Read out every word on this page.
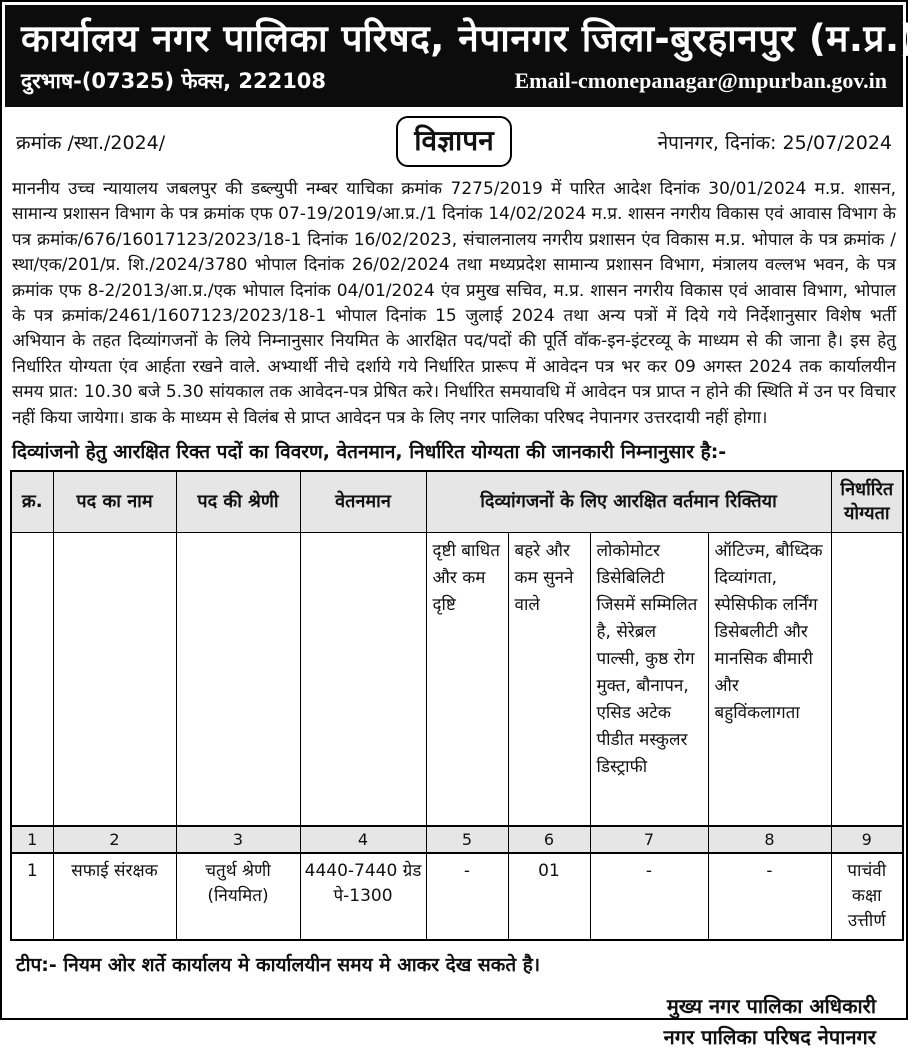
कार्यालय नगर पालिका परिषद, नेपानगर जिला-बुरहानपुर (म.प्र.)
दुरभाष-(07325) फेक्स, 222108	Email-cmonepanagar@mpurban.gov.in
क्रमांक /स्था./2024/	विज्ञापन	नेपानगर, दिनांक: 25/07/2024
माननीय उच्च न्यायालय जबलपुर की डब्ल्युपी नम्बर याचिका क्रमांक 7275/2019 में पारित आदेश दिनांक 30/01/2024 म.प्र. शासन, सामान्य प्रशासन विभाग के पत्र क्रमांक एफ 07-19/2019/आ.प्र./1 दिनांक 14/02/2024 म.प्र. शासन नगरीय विकास एवं आवास विभाग के पत्र क्रमांक/676/16017123/2023/18-1 दिनांक 16/02/2023, संचालनालय नगरीय प्रशासन एंव विकास म.प्र. भोपाल के पत्र क्रमांक /स्था/एक/201/प्र. शि./2024/3780 भोपाल दिनांक 26/02/2024 तथा मध्यप्रदेश सामान्य प्रशासन विभाग, मंत्रालय वल्लभ भवन, के पत्र क्रमांक एफ 8-2/2013/आ.प्र./एक भोपाल दिनांक 04/01/2024 एंव प्रमुख सचिव, म.प्र. शासन नगरीय विकास एवं आवास विभाग, भोपाल के पत्र क्रमांक/2461/1607123/2023/18-1 भोपाल दिनांक 15 जुलाई 2024 तथा अन्य पत्रों में दिये गये निर्देशानुसार विशेष भर्ती अभियान के तहत दिव्यांगजनों के लिये निम्नानुसार नियमित के आरक्षित पद/पदों की पूर्ति वॉक-इन-इंटरव्यू के माध्यम से की जाना है। इस हेतु निर्धारित योग्यता एंव आर्हता रखने वाले. अभ्यार्थी नीचे दर्शाये गये निर्धारित प्रारूप में आवेदन पत्र भर कर 09 अगस्त 2024 तक कार्यालयीन समय प्रात: 10.30 बजे 5.30 सांयकाल तक आवेदन-पत्र प्रेषित करे। निर्धारित समयावधि में आवेदन पत्र प्राप्त न होने की स्थिति में उन पर विचार नहीं किया जायेगा। डाक के माध्यम से विलंब से प्राप्त आवेदन पत्र के लिए नगर पालिका परिषद नेपानगर उत्तरदायी नहीं होगा।
दिव्यांजनो हेतु आरक्षित रिक्त पदों का विवरण, वेतनमान, निर्धारित योग्यता की जानकारी निम्नानुसार है:-
क्र.	पद का नाम	पद की श्रेणी	वेतनमान	दिव्यांगजनों के लिए आरक्षित वर्तमान रिक्तिया				निर्धारित योग्यता
				दृष्टी बाधित और कम दृष्टि	बहरे और कम सुनने वाले	लोकोमोटर डिसेबिलिटी जिसमें सम्मिलित है, सेरेब्रल पाल्सी, कुष्ठ रोग मुक्त, बौनापन, एसिड अटेक पीडीत मस्कुलर डिस्ट्राफी	ऑटिज्म, बौध्दिक दिव्यांगता, स्पेसिफीक लर्निंग डिसेबलीटी और मानसिक बीमारी और बहुविंकलागता	
1	2	3	4	5	6	7	8	9
1	सफाई संरक्षक	चतुर्थ श्रेणी (नियमित)	4440-7440 ग्रेड पे-1300	-	01	-	-	पाचंवी कक्षा उत्तीर्ण
टीप:- नियम ओर शर्ते कार्यालय मे कार्यालयीन समय मे आकर देख सकते है।
मुख्य नगर पालिका अधिकारी
नगर पालिका परिषद नेपानगर
